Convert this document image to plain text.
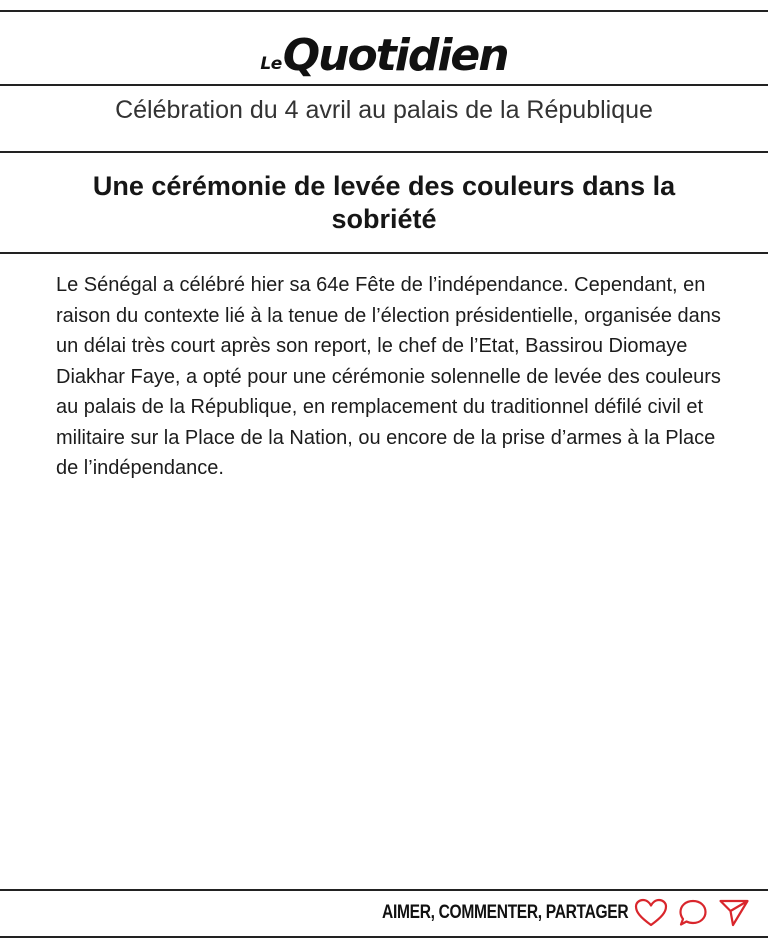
Le Quotidien
Célébration du 4 avril au palais de la République
Une cérémonie de levée des couleurs dans la sobriété

Le Sénégal a célébré hier sa 64e Fête de l’indépendance. Cependant, en raison du contexte lié à la tenue de l’élection présidentielle, organisée dans un délai très court après son report, le chef de l’Etat, Bassirou Diomaye Diakhar Faye, a opté pour une cérémonie solennelle de levée des couleurs au palais de la République, en remplacement du traditionnel défilé civil et militaire sur la Place de la Nation, ou encore de la prise d’armes à la Place de l’indépendance.

AIMER, COMMENTER, PARTAGER
